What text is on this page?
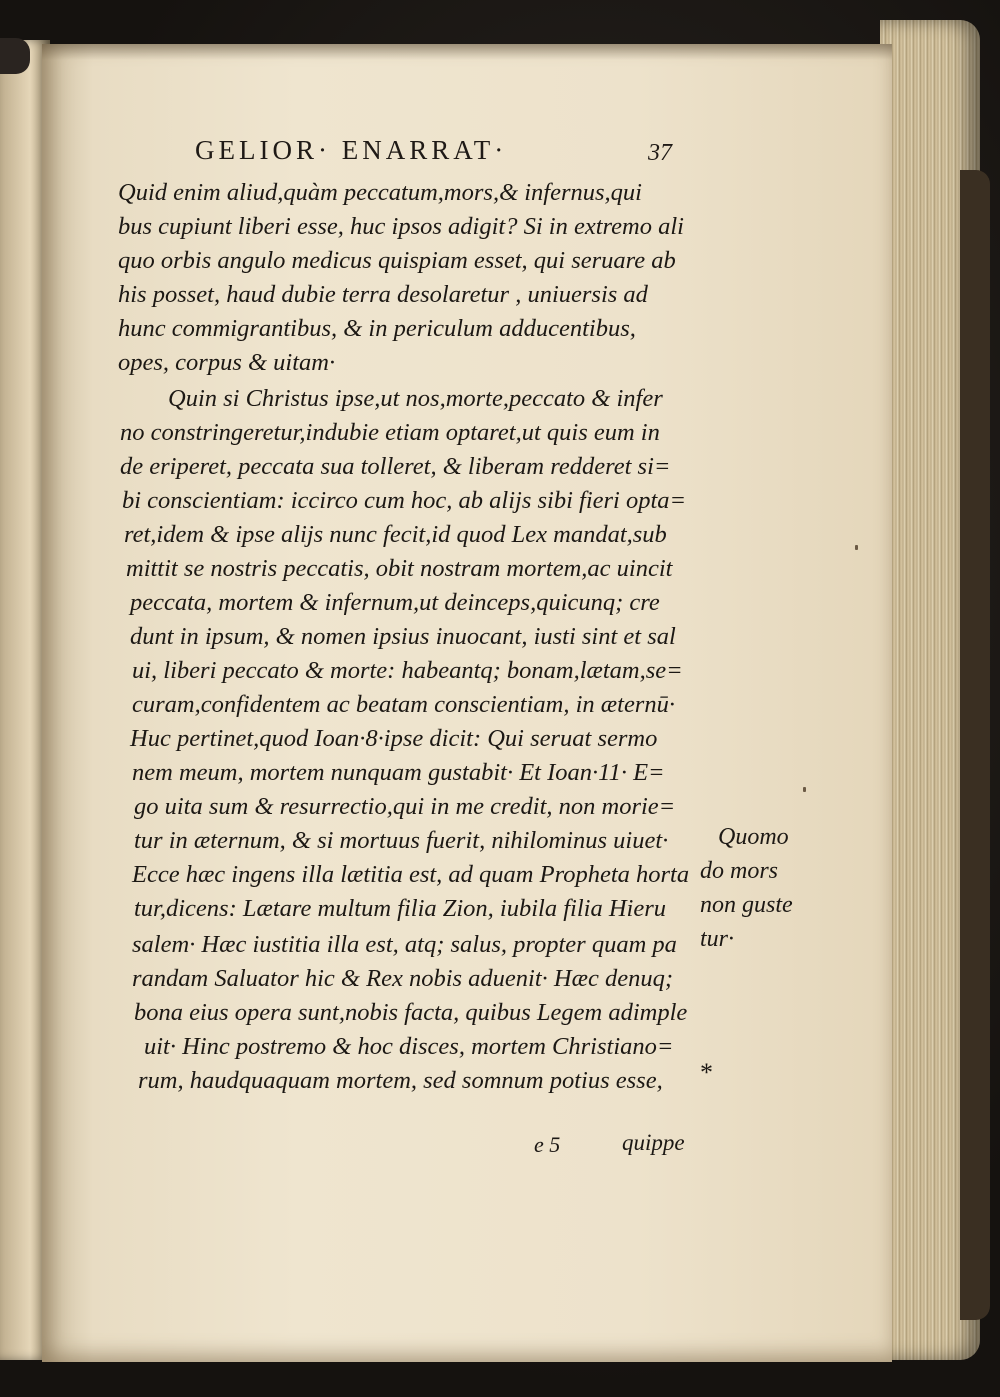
GELIOR· ENARRAT·	37
Quid enim aliud,quàm peccatum,mors,& infernus,qui
bus cupiunt liberi esse, huc ipsos adigit? Si in extremo ali
quo orbis angulo medicus quispiam esset, qui seruare ab
his posset, haud dubie terra desolaretur , uniuersis ad
hunc commigrantibus, & in periculum adducentibus,
opes, corpus & uitam·
Quin si Christus ipse,ut nos,morte,peccato & infer
no constringeretur,indubie etiam optaret,ut quis eum in
de eriperet, peccata sua tolleret, & liberam redderet si=
bi conscientiam: iccirco cum hoc, ab alijs sibi fieri opta=
ret,idem & ipse alijs nunc fecit,id quod Lex mandat,sub
mittit se nostris peccatis, obit nostram mortem,ac uincit
peccata, mortem & infernum,ut deinceps,quicunq; cre
dunt in ipsum, & nomen ipsius inuocant, iusti sint et sal
ui, liberi peccato & morte: habeantq; bonam,lætam,se=
curam,confidentem ac beatam conscientiam, in æternū·
Huc pertinet,quod Ioan·8·ipse dicit: Qui seruat sermo
nem meum, mortem nunquam gustabit· Et Ioan·11· E=
go uita sum & resurrectio,qui in me credit, non morie=
tur in æternum, & si mortuus fuerit, nihilominus uiuet·
Ecce hæc ingens illa lætitia est, ad quam Propheta horta
tur,dicens: Lætare multum filia Zion, iubila filia Hieru
salem· Hæc iustitia illa est, atq; salus, propter quam pa
randam Saluator hic & Rex nobis aduenit· Hæc denuq;
bona eius opera sunt,nobis facta, quibus Legem adimple
uit· Hinc postremo & hoc disces, mortem Christiano=
rum, haudquaquam mortem, sed somnum potius esse,
e 5	quippe
Quomo
do mors
non guste
tur·
*
